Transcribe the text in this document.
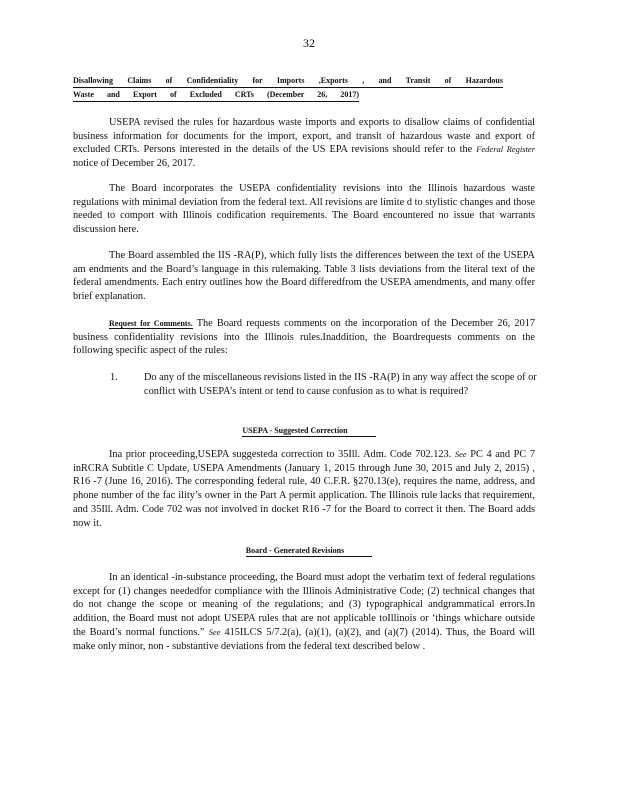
32
Disallowing Claims of Confidentiality for Imports ,Exports , and Transit of Hazardous
Waste and Export of Excluded CRTs (December 26, 2017)
USEPA revised the rules for hazardous waste imports and exports to disallow claims of confidential business information for documents for the import, export, and transit of hazardous waste and export of excluded CRTs. Persons interested in the details of the US EPA revisions should refer to the Federal Register notice of December 26, 2017.
The Board incorporates the USEPA confidentiality revisions into the Illinois hazardous waste regulations with minimal deviation from the federal text. All revisions are limite d to stylistic changes and those needed to comport with Illinois codification requirements. The Board encountered no issue that warrants discussion here.
The Board assembled the IIS -RA(P), which fully lists the differences between the text of the USEPA am endments and the Board’s language in this rulemaking. Table 3 lists deviations from the literal text of the federal amendments. Each entry outlines how the Board differedfrom the USEPA amendments, and many offer brief explanation.
Request for Comments. The Board requests comments on the incorporation of the December 26, 2017 business confidentiality revisions into the Illinois rules.Inaddition, the Boardrequests comments on the following specific aspect of the rules:
1.	Do any of the miscellaneous revisions listed in the IIS -RA(P) in any way affect the scope of or conflict with USEPA’s intent or tend to cause confusion as to what is required?
USEPA - Suggested Correction
Ina prior proceeding,USEPA suggesteda correction to 35Ill. Adm. Code 702.123. See PC 4 and PC 7 inRCRA Subtitle C Update, USEPA Amendments (January 1, 2015 through June 30, 2015 and July 2, 2015) , R16 -7 (June 16, 2016). The corresponding federal rule, 40 C.F.R. §270.13(e), requires the name, address, and phone number of the fac ility’s owner in the Part A permit application. The Illinois rule lacks that requirement, and 35Ill. Adm. Code 702 was not involved in docket R16 -7 for the Board to correct it then. The Board adds now it.
Board - Generated Revisions
In an identical -in-substance proceeding, the Board must adopt the verbatim text of federal regulations except for (1) changes neededfor compliance with the Illinois Administrative Code; (2) technical changes that do not change the scope or meaning of the regulations; and (3) typographical andgrammatical errors.In addition, the Board must not adopt USEPA rules that are not applicable toIllinois or ‘things whichare outside the Board’s normal functions.” See 415ILCS 5/7.2(a), (a)(1), (a)(2), and (a)(7) (2014). Thus, the Board will make only minor, non - substantive deviations from the federal text described below .
